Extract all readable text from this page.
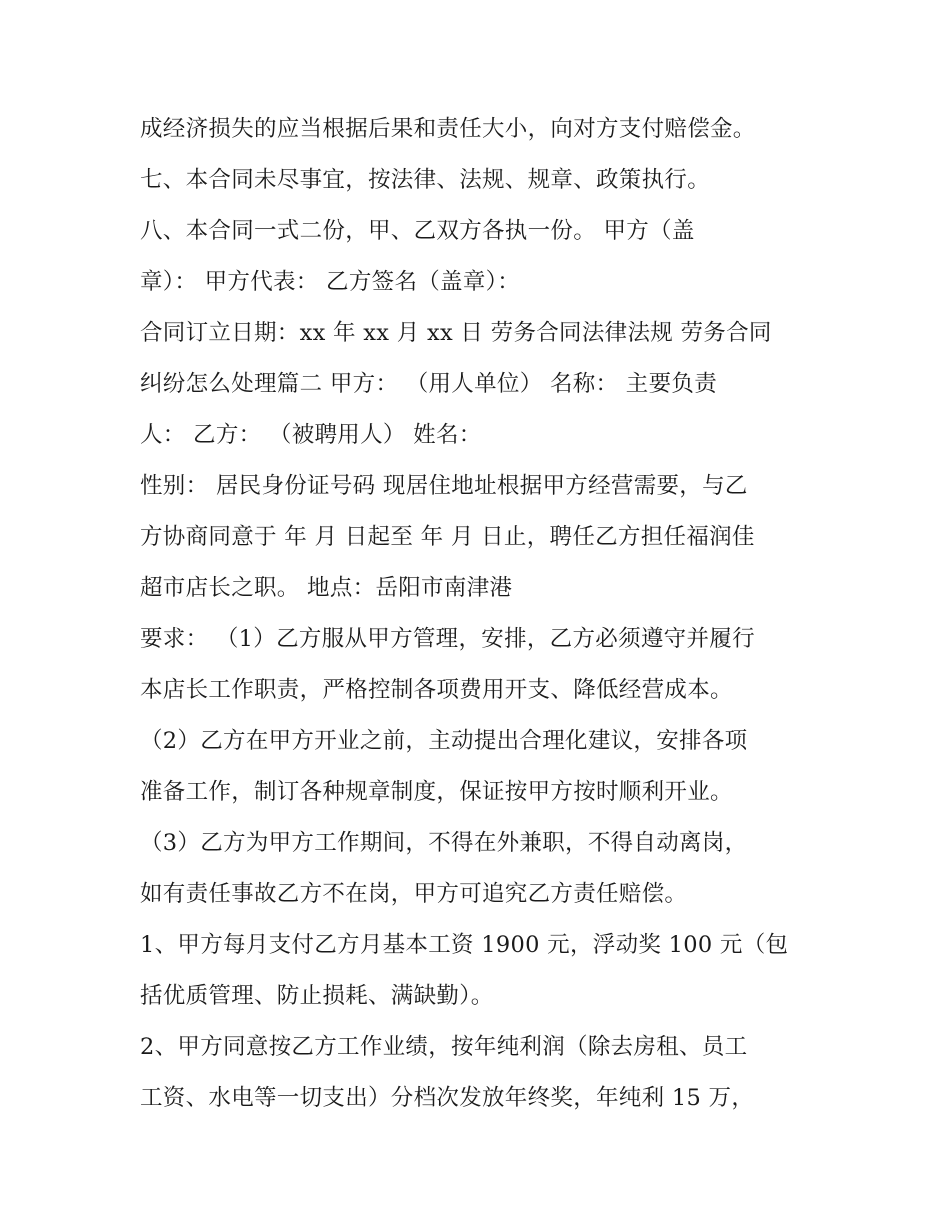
成经济损失的应当根据后果和责任大小，向对方支付赔偿金。
七、本合同未尽事宜，按法律、法规、规章、政策执行。
八、本合同一式二份，甲、乙双方各执一份。 甲方（盖
章）： 甲方代表： 乙方签名（盖章）：
合同订立日期：xx 年 xx 月 xx 日 劳务合同法律法规 劳务合同
纠纷怎么处理篇二 甲方： （用人单位） 名称： 主要负责
人： 乙方： （被聘用人） 姓名：
性别： 居民身份证号码 现居住地址根据甲方经营需要，与乙
方协商同意于 年 月 日起至 年 月 日止，聘任乙方担任福润佳
超市店长之职。 地点：岳阳市南津港
要求： （1）乙方服从甲方管理，安排，乙方必须遵守并履行
本店长工作职责，严格控制各项费用开支、降低经营成本。
（2）乙方在甲方开业之前，主动提出合理化建议，安排各项
准备工作，制订各种规章制度，保证按甲方按时顺利开业。
（3）乙方为甲方工作期间，不得在外兼职，不得自动离岗，
如有责任事故乙方不在岗，甲方可追究乙方责任赔偿。
1、甲方每月支付乙方月基本工资 1900 元，浮动奖 100 元（包
括优质管理、防止损耗、满缺勤）。
2、甲方同意按乙方工作业绩，按年纯利润（除去房租、员工
工资、水电等一切支出）分档次发放年终奖，年纯利 15 万，
